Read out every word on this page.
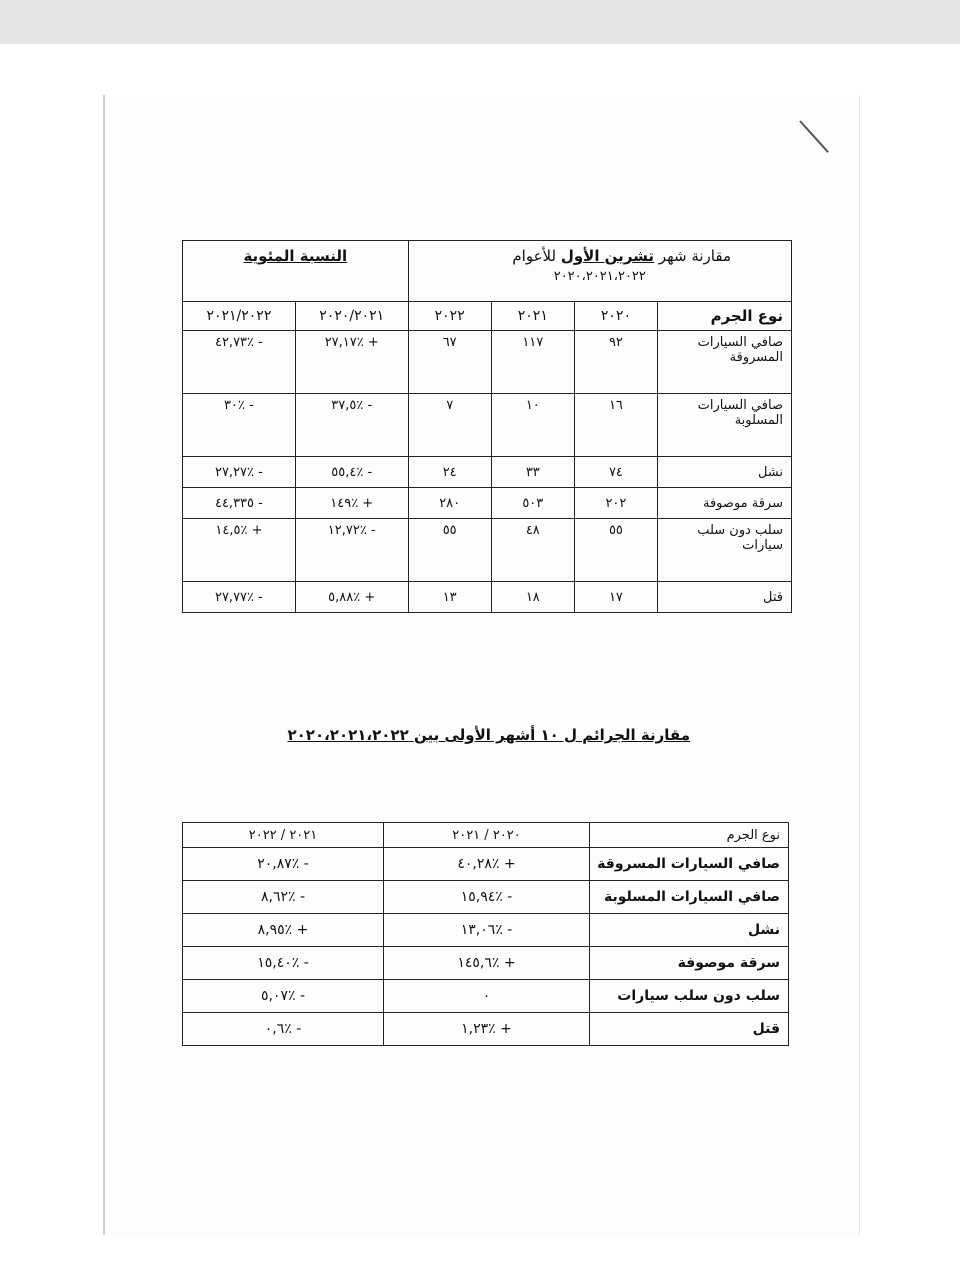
مقارنة شهر تشرين الأول للأعوام
٢٠٢٠،٢٠٢١،٢٠٢٢				النسبة المئوية	

نوع الجرم	٢٠٢٠	٢٠٢١	٢٠٢٢	٢٠٢٠/٢٠٢١	٢٠٢١/٢٠٢٢
صافي السيارات المسروقة	٩٢	١١٧	٦٧	+ ٪٢٧,١٧	- ٪٤٢,٧٣
صافي السيارات المسلوبة	١٦	١٠	٧	- ٪٣٧,٥	- ٪٣٠
نشل	٧٤	٣٣	٢٤	- ٪٥٥,٤	- ٪٢٧,٢٧
سرقة موصوفة	٢٠٢	٥٠٣	٢٨٠	+ ٪١٤٩	- ٤٤,٣٣٥
سلب دون سلب سيارات	٥٥	٤٨	٥٥	- ٪١٢,٧٢	+ ٪١٤,٥
قتل	١٧	١٨	١٣	+ ٪٥,٨٨	- ٪٢٧,٧٧
مقارنة الجرائم ل ١٠ أشهر الأولى بين ٢٠٢٠،٢٠٢١،٢٠٢٢
نوع الجرم	٢٠٢٠ / ٢٠٢١	٢٠٢١ / ٢٠٢٢
صافي السيارات المسروقة	+ ٪٤٠,٢٨	- ٪٢٠,٨٧
صافي السيارات المسلوبة	- ٪١٥,٩٤	- ٪٨,٦٢
نشل	- ٪١٣,٠٦	+ ٪٨,٩٥
سرقة موصوفة	+ ٪١٤٥,٦	- ٪١٥,٤٠
سلب دون سلب سيارات	٠	- ٪٥,٠٧
قتل	+ ٪١,٢٣	- ٪٠,٦
